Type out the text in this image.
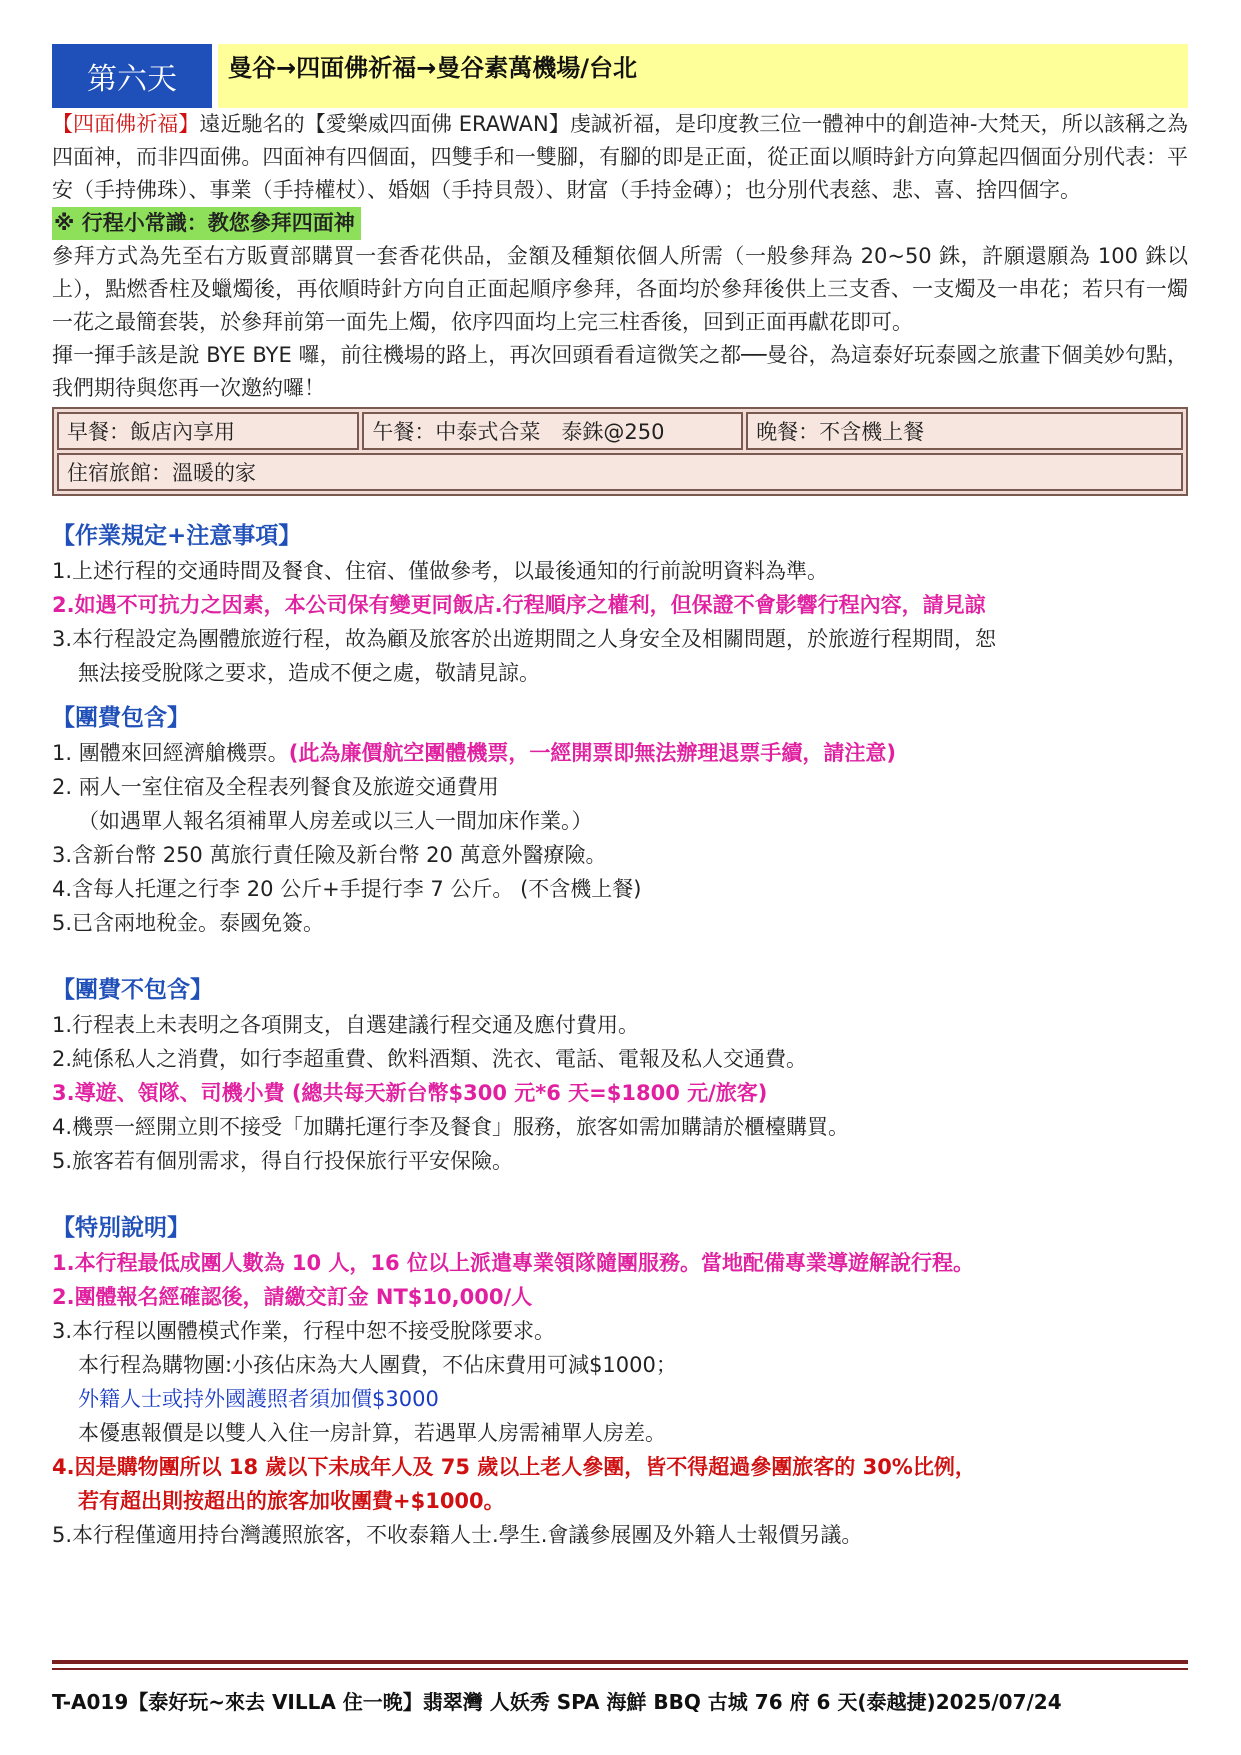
第六天	曼谷→四面佛祈福→曼谷素萬機場/台北

【四面佛祈福】遠近馳名的【愛樂威四面佛 ERAWAN】虔誠祈福，是印度教三位一體神中的創造神-大梵天，所以該稱之為四面神，而非四面佛。四面神有四個面，四雙手和一雙腳，有腳的即是正面，從正面以順時針方向算起四個面分別代表：平安（手持佛珠）、事業（手持權杖）、婚姻（手持貝殼）、財富（手持金磚）；也分別代表慈、悲、喜、捨四個字。

※ 行程小常識：教您參拜四面神

參拜方式為先至右方販賣部購買一套香花供品，金額及種類依個人所需（一般參拜為 20~50 銖，許願還願為 100 銖以上），點燃香柱及蠟燭後，再依順時針方向自正面起順序參拜，各面均於參拜後供上三支香、一支燭及一串花；若只有一燭一花之最簡套裝，於參拜前第一面先上燭，依序四面均上完三柱香後，回到正面再獻花即可。

揮一揮手該是說 BYE BYE 囉，前往機場的路上，再次回頭看看這微笑之都──曼谷，為這泰好玩泰國之旅畫下個美妙句點，我們期待與您再一次邀約囉！

早餐：飯店內享用	午餐：中泰式合菜　泰銖@250	晚餐：不含機上餐
住宿旅館：溫暖的家

【作業規定+注意事項】

1.上述行程的交通時間及餐食、住宿、僅做參考，以最後通知的行前說明資料為準。

2.如遇不可抗力之因素，本公司保有變更同飯店.行程順序之權利，但保證不會影響行程內容，請見諒

3.本行程設定為團體旅遊行程，故為顧及旅客於出遊期間之人身安全及相關問題，於旅遊行程期間，恕

無法接受脫隊之要求，造成不便之處，敬請見諒。

【團費包含】

1. 團體來回經濟艙機票。(此為廉價航空團體機票，一經開票即無法辦理退票手續，請注意)

2. 兩人一室住宿及全程表列餐食及旅遊交通費用

（如遇單人報名須補單人房差或以三人一間加床作業。）

3.含新台幣 250 萬旅行責任險及新台幣 20 萬意外醫療險。

4.含每人托運之行李 20 公斤+手提行李 7 公斤。 (不含機上餐)

5.已含兩地稅金。泰國免簽。

【團費不包含】

1.行程表上未表明之各項開支，自選建議行程交通及應付費用。

2.純係私人之消費，如行李超重費、飲料酒類、洗衣、電話、電報及私人交通費。

3.導遊、領隊、司機小費 (總共每天新台幣$300 元*6 天=$1800 元/旅客)

4.機票一經開立則不接受「加購托運行李及餐食」服務，旅客如需加購請於櫃檯購買。

5.旅客若有個別需求，得自行投保旅行平安保險。

【特別說明】

1.本行程最低成團人數為 10 人，16 位以上派遣專業領隊隨團服務。當地配備專業導遊解說行程。

2.團體報名經確認後，請繳交訂金 NT$10,000/人

3.本行程以團體模式作業，行程中恕不接受脫隊要求。

本行程為購物團:小孩佔床為大人團費，不佔床費用可減$1000；

外籍人士或持外國護照者須加價$3000

本優惠報價是以雙人入住一房計算，若遇單人房需補單人房差。

4.因是購物團所以 18 歲以下未成年人及 75 歲以上老人參團，皆不得超過參團旅客的 30%比例，

若有超出則按超出的旅客加收團費+$1000。

5.本行程僅適用持台灣護照旅客，不收泰籍人士.學生.會議參展團及外籍人士報價另議。

T-A019【泰好玩~來去 VILLA 住一晚】翡翠灣 人妖秀 SPA 海鮮 BBQ 古城 76 府 6 天(泰越捷)2025/07/24
